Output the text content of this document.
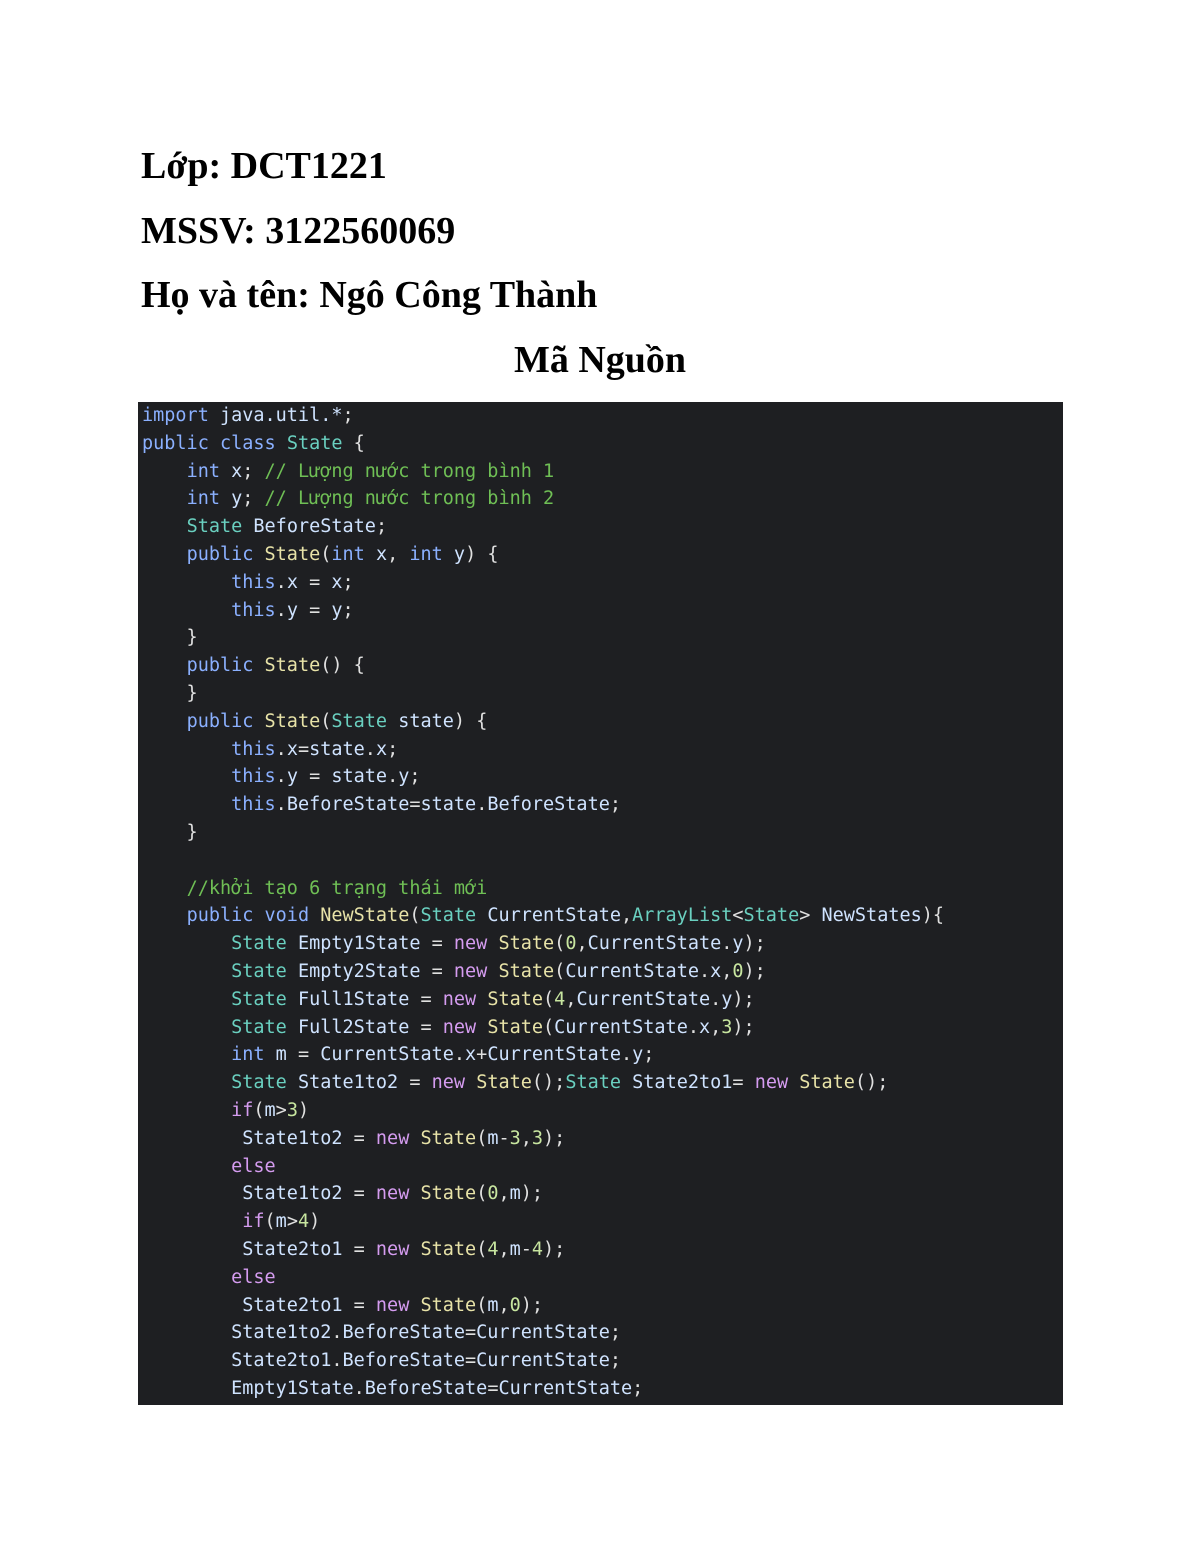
Lớp: DCT1221
MSSV: 3122560069
Họ và tên: Ngô Công Thành
Mã Nguồn
import java.util.*;
public class State {
int x; // Lượng nước trong bình 1
int y; // Lượng nước trong bình 2
State BeforeState;
public State(int x, int y) {
this.x = x;
this.y = y;
}
public State() {
}
public State(State state) {
this.x=state.x;
this.y = state.y;
this.BeforeState=state.BeforeState;
}

//khởi tạo 6 trạng thái mới
public void NewState(State CurrentState,ArrayList<State> NewStates){
State Empty1State = new State(0,CurrentState.y);
State Empty2State = new State(CurrentState.x,0);
State Full1State = new State(4,CurrentState.y);
State Full2State = new State(CurrentState.x,3);
int m = CurrentState.x+CurrentState.y;
State State1to2 = new State();State State2to1= new State();
if(m>3)
State1to2 = new State(m-3,3);
else
State1to2 = new State(0,m);
if(m>4)
State2to1 = new State(4,m-4);
else
State2to1 = new State(m,0);
State1to2.BeforeState=CurrentState;
State2to1.BeforeState=CurrentState;
Empty1State.BeforeState=CurrentState;
